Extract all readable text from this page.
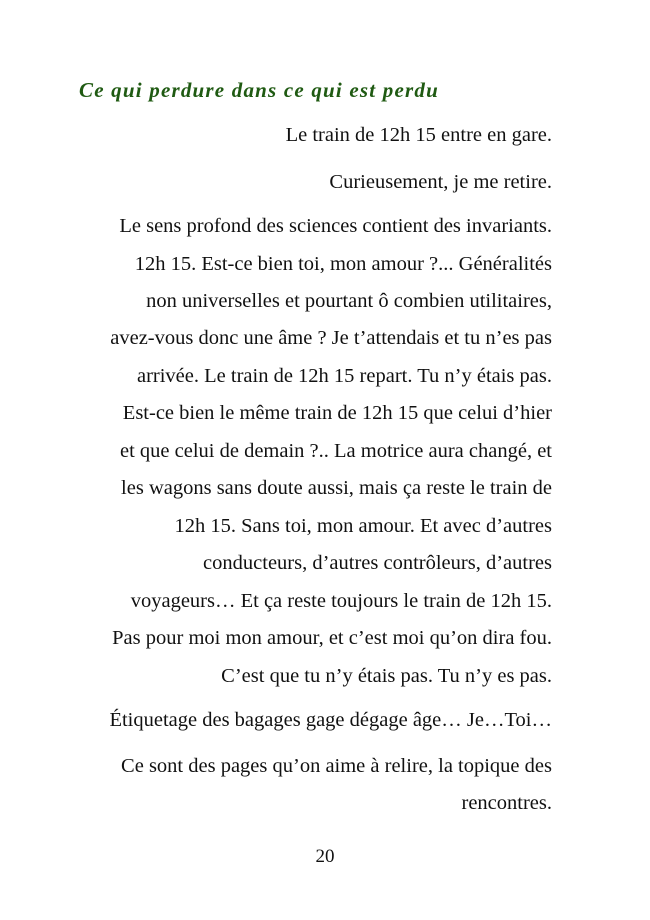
Ce qui perdure dans ce qui est perdu
Le train de 12h 15 entre en gare.
Curieusement, je me retire.
Le sens profond des sciences contient des invariants.
12h 15. Est-ce bien toi, mon amour ?... Généralités
non universelles et pourtant ô combien utilitaires,
avez-vous donc une âme ? Je t’attendais et tu n’es pas
arrivée. Le train de 12h 15 repart. Tu n’y étais pas.
Est-ce bien le même train de 12h 15 que celui d’hier
et que celui de demain ?.. La motrice aura changé, et
les wagons sans doute aussi, mais ça reste le train de
12h 15. Sans toi, mon amour. Et avec d’autres
conducteurs, d’autres contrôleurs, d’autres
voyageurs… Et ça reste toujours le train de 12h 15.
Pas pour moi mon amour, et c’est moi qu’on dira fou.
C’est que tu n’y étais pas. Tu n’y es pas.
Étiquetage des bagages gage dégage âge… Je…Toi…
Ce sont des pages qu’on aime à relire, la topique des
rencontres.
20
